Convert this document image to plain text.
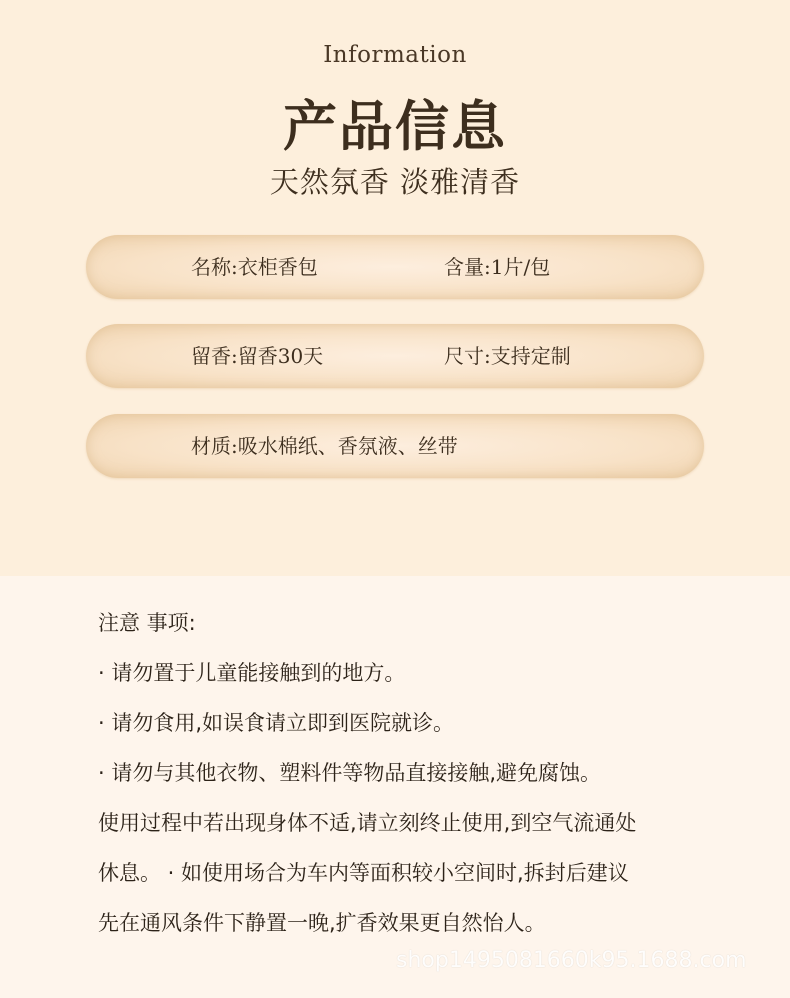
Information
产品信息
天然氛香 淡雅清香
名称:衣柜香包	含量:1片/包
留香:留香30天	尺寸:支持定制
材质:吸水棉纸、香氛液、丝带
注意 事项:
· 请勿置于儿童能接触到的地方。
· 请勿食用,如误食请立即到医院就诊。
· 请勿与其他衣物、塑料件等物品直接接触,避免腐蚀。
使用过程中若出现身体不适,请立刻终止使用,到空气流通处
休息。 · 如使用场合为车内等面积较小空间时,拆封后建议
先在通风条件下静置一晚,扩香效果更自然怡人。
shop1495081660k95.1688.com
